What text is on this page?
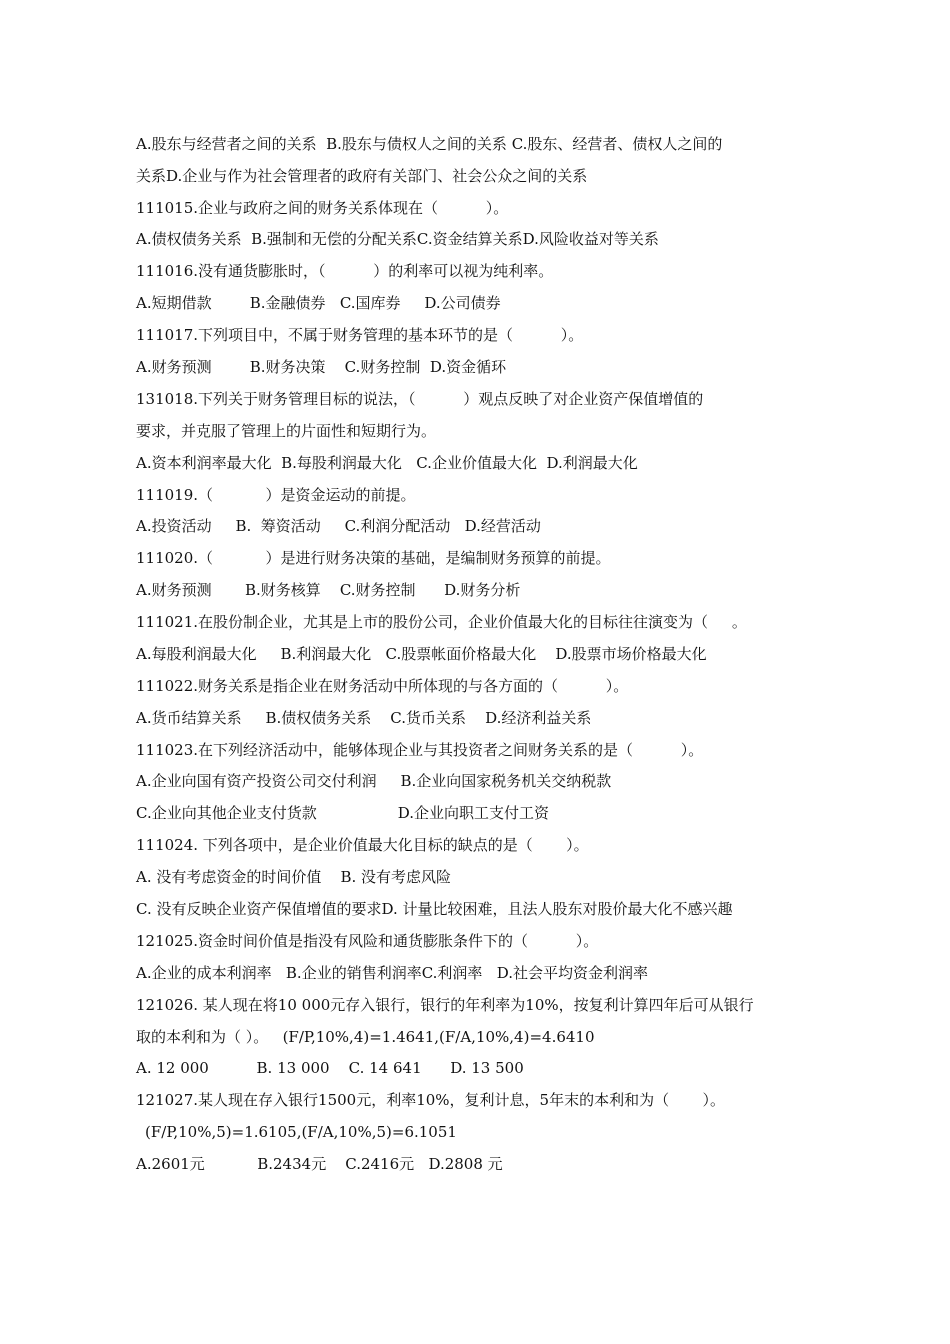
A.股东与经营者之间的关系  B.股东与债权人之间的关系 C.股东、经营者、债权人之间的
关系D.企业与作为社会管理者的政府有关部门、社会公众之间的关系
111015.企业与政府之间的财务关系体现在（          ）。
A.债权债务关系  B.强制和无偿的分配关系C.资金结算关系D.风险收益对等关系
111016.没有通货膨胀时，（          ）的利率可以视为纯利率。
A.短期借款        B.金融债券   C.国库券     D.公司债券
111017.下列项目中，不属于财务管理的基本环节的是（          ）。
A.财务预测        B.财务决策    C.财务控制  D.资金循环
131018.下列关于财务管理目标的说法，（          ）观点反映了对企业资产保值增值的
要求，并克服了管理上的片面性和短期行为。
A.资本利润率最大化  B.每股利润最大化   C.企业价值最大化  D.利润最大化
111019.（           ）是资金运动的前提。
A.投资活动     B.  筹资活动     C.利润分配活动   D.经营活动
111020.（           ）是进行财务决策的基础，是编制财务预算的前提。
A.财务预测       B.财务核算    C.财务控制      D.财务分析
111021.在股份制企业，尤其是上市的股份公司，企业价值最大化的目标往往演变为（     。
A.每股利润最大化     B.利润最大化   C.股票帐面价格最大化    D.股票市场价格最大化
111022.财务关系是指企业在财务活动中所体现的与各方面的（          ）。
A.货币结算关系     B.债权债务关系    C.货币关系    D.经济利益关系
111023.在下列经济活动中，能够体现企业与其投资者之间财务关系的是（          ）。
A.企业向国有资产投资公司交付利润     B.企业向国家税务机关交纳税款
C.企业向其他企业支付货款                 D.企业向职工支付工资
111024. 下列各项中，是企业价值最大化目标的缺点的是（       ）。
A. 没有考虑资金的时间价值    B. 没有考虑风险
C. 没有反映企业资产保值增值的要求D. 计量比较困难，且法人股东对股价最大化不感兴趣
121025.资金时间价值是指没有风险和通货膨胀条件下的（          ）。
A.企业的成本利润率   B.企业的销售利润率C.利润率   D.社会平均资金利润率
121026. 某人现在将10 000元存入银行，银行的年利率为10%，按复利计算四年后可从银行
取的本利和为（ ）。   (F/P,10%,4)=1.4641,(F/A,10%,4)=4.6410
A. 12 000          B. 13 000    C. 14 641      D. 13 500
121027.某人现在存入银行1500元，利率10%，复利计息，5年末的本利和为（       ）。
(F/P,10%,5)=1.6105,(F/A,10%,5)=6.1051
A.2601元           B.2434元    C.2416元   D.2808 元
